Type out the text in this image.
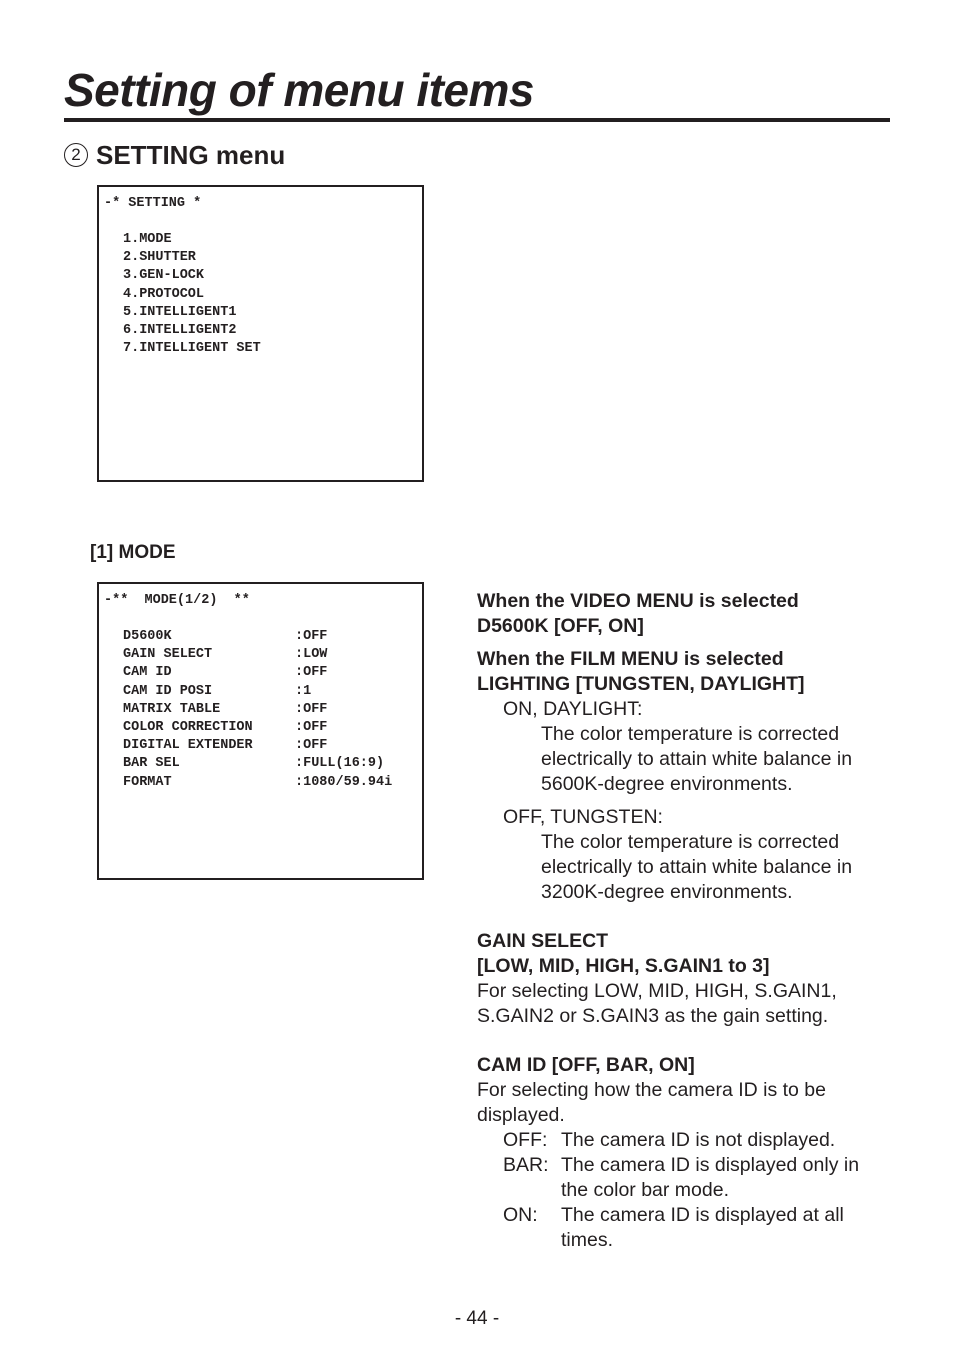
Setting of menu items
2 SETTING menu
-* SETTING *
1.MODE
2.SHUTTER
3.GEN-LOCK
4.PROTOCOL
5.INTELLIGENT1
6.INTELLIGENT2
7.INTELLIGENT SET
[1] MODE
-**  MODE(1/2)  **
D5600K	:OFF
GAIN SELECT	:LOW
CAM ID	:OFF
CAM ID POSI	:1
MATRIX TABLE	:OFF
COLOR CORRECTION	:OFF
DIGITAL EXTENDER	:OFF
BAR SEL	:FULL(16:9)
FORMAT	:1080/59.94i
When the VIDEO MENU is selected
D5600K [OFF, ON]
When the FILM MENU is selected
LIGHTING [TUNGSTEN, DAYLIGHT]
ON, DAYLIGHT:
The color temperature is corrected
electrically to attain white balance in
5600K-degree environments.
OFF, TUNGSTEN:
The color temperature is corrected
electrically to attain white balance in
3200K-degree environments.
GAIN SELECT
[LOW, MID, HIGH, S.GAIN1 to 3]
For selecting LOW, MID, HIGH, S.GAIN1,
S.GAIN2 or S.GAIN3 as the gain setting.
CAM ID [OFF, BAR, ON]
For selecting how the camera ID is to be
displayed.
OFF: The camera ID is not displayed.
BAR: The camera ID is displayed only in
the color bar mode.
ON:	The camera ID is displayed at all
times.
- 44 -
